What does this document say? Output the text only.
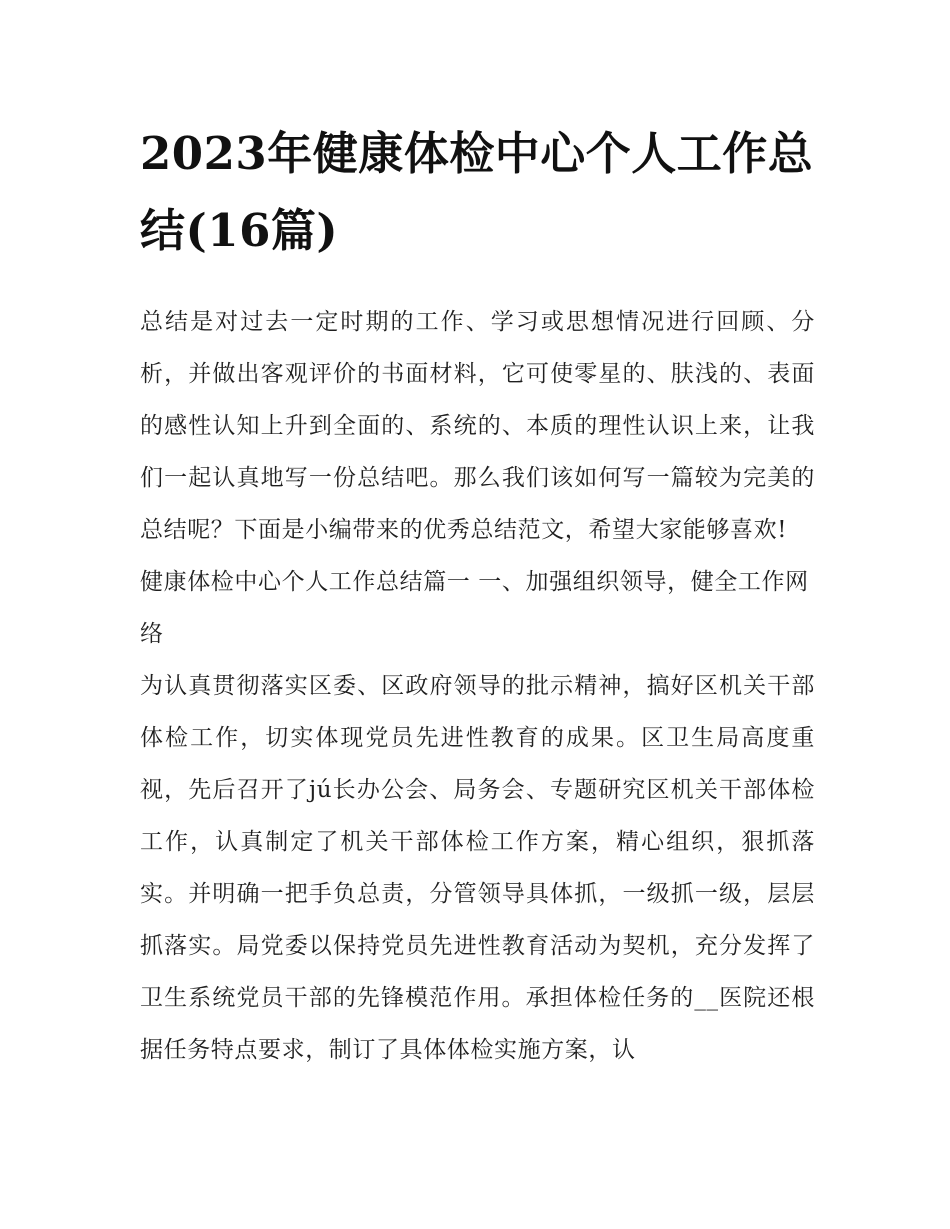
2023年健康体检中心个人工作总结(16篇)

总结是对过去一定时期的工作、学习或思想情况进行回顾、分析，并做出客观评价的书面材料，它可使零星的、肤浅的、表面的感性认知上升到全面的、系统的、本质的理性认识上来，让我们一起认真地写一份总结吧。那么我们该如何写一篇较为完美的总结呢？下面是小编带来的优秀总结范文，希望大家能够喜欢!

健康体检中心个人工作总结篇一 一、加强组织领导，健全工作网络

为认真贯彻落实区委、区政府领导的批示精神，搞好区机关干部体检工作，切实体现党员先进性教育的成果。区卫生局高度重视，先后召开了jú长办公会、局务会、专题研究区机关干部体检工作，认真制定了机关干部体检工作方案，精心组织，狠抓落实。并明确一把手负总责，分管领导具体抓，一级抓一级，层层抓落实。局党委以保持党员先进性教育活动为契机，充分发挥了卫生系统党员干部的先锋模范作用。承担体检任务的__医院还根据任务特点要求，制订了具体体检实施方案，认
